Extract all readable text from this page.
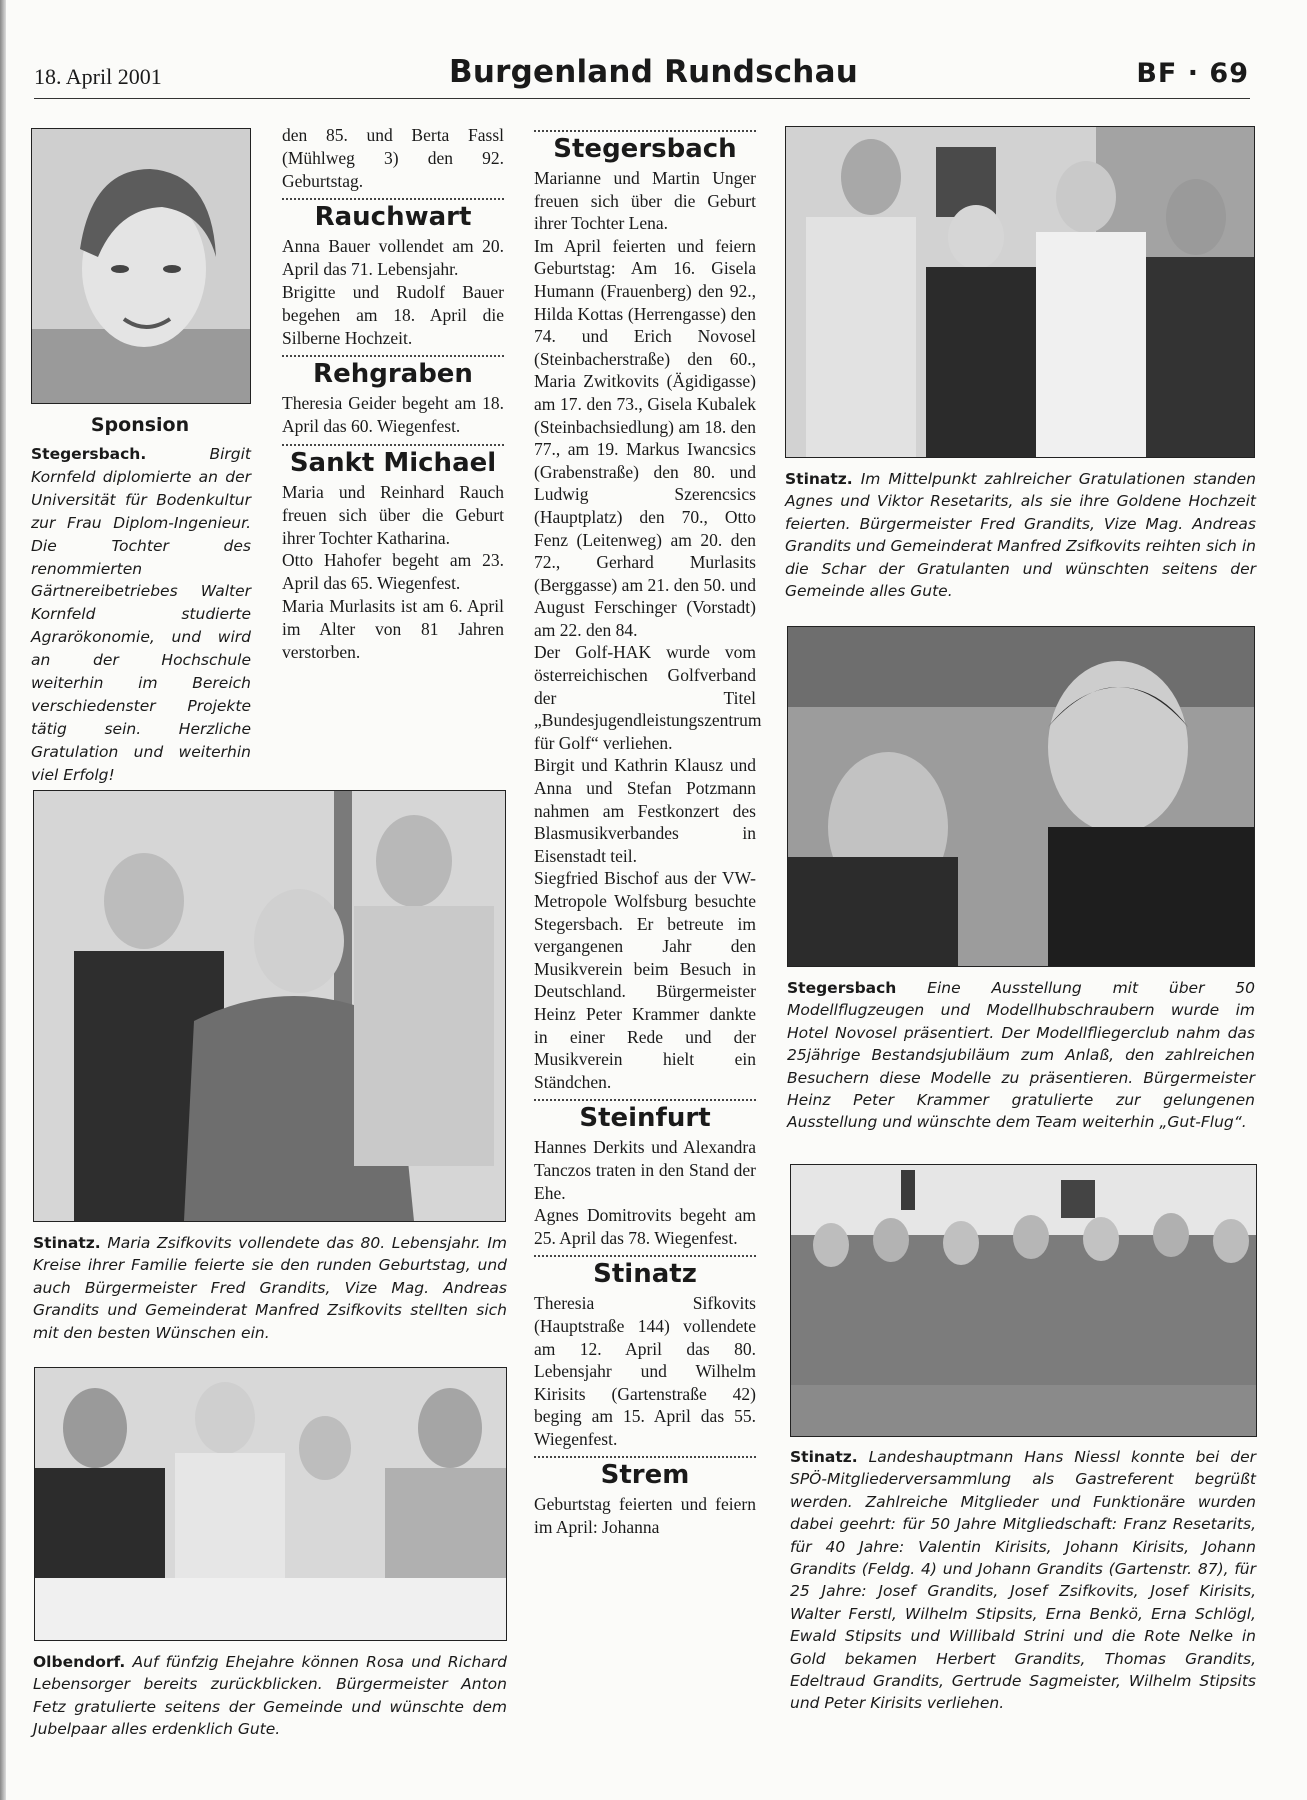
18. April 2001	Burgenland Rundschau	BF · 69
Sponsion
Stegersbach.	Birgit Kornfeld diplomierte an der Universität für Bodenkultur zur Frau Diplom-Ingenieur. Die Tochter des renommierten Gärtnereibetriebes Walter Kornfeld studierte Agrarökonomie, und wird an der Hochschule weiterhin im Bereich verschiedenster Projekte tätig sein. Herzliche Gratulation und weiterhin viel Erfolg!
Stinatz. Maria Zsifkovits vollendete das 80. Lebensjahr. Im Kreise ihrer Familie feierte sie den runden Geburtstag, und auch Bürgermeister Fred Grandits, Vize Mag. Andreas Grandits und Gemeinderat Manfred Zsifkovits stellten sich mit den besten Wünschen ein.
Olbendorf. Auf fünfzig Ehejahre können Rosa und Richard Lebensorger bereits zurückblicken. Bürgermeister Anton Fetz gratulierte seitens der Gemeinde und wünschte dem Jubelpaar alles erdenklich Gute.

den 85. und Berta Fassl (Mühlweg 3) den 92. Geburtstag.

Rauchwart

Anna Bauer vollendet am 20. April das 71. Lebensjahr.

Brigitte und Rudolf Bauer begehen am 18. April die Silberne Hochzeit.

Rehgraben

Theresia Geider begeht am 18. April das 60. Wiegenfest.

Sankt Michael

Maria und Reinhard Rauch freuen sich über die Geburt ihrer Tochter Katharina.

Otto Hahofer begeht am 23. April das 65. Wiegenfest.

Maria Murlasits ist am 6. April im Alter von 81 Jahren verstorben.

Stegersbach

Marianne und Martin Unger freuen sich über die Geburt ihrer Tochter Lena.

Im April feierten und feiern Geburtstag: Am 16. Gisela Humann (Frauenberg) den 92., Hilda Kottas (Herrengasse) den 74. und Erich Novosel (Steinbacherstraße) den 60., Maria Zwitkovits (Ägidigasse) am 17. den 73., Gisela Kubalek (Steinbachsiedlung) am 18. den 77., am 19. Markus Iwancsics (Grabenstraße) den 80. und Ludwig Szerencsics (Hauptplatz) den 70., Otto Fenz (Leitenweg) am 20. den 72., Gerhard Murlasits (Berggasse) am 21. den 50. und August Ferschinger (Vorstadt) am 22. den 84.

Der Golf-HAK wurde vom österreichischen Golfverband der Titel „Bundesjugendleistungszentrum für Golf“ verliehen.

Birgit und Kathrin Klausz und Anna und Stefan Potzmann nahmen am Festkonzert des Blasmusikverbandes in Eisenstadt teil.

Siegfried Bischof aus der VW-Metropole Wolfsburg besuchte Stegersbach. Er betreute im vergangenen Jahr den Musikverein beim Besuch in Deutschland. Bürgermeister Heinz Peter Krammer dankte in einer Rede und der Musikverein hielt ein Ständchen.

Steinfurt

Hannes Derkits und Alexandra Tanczos traten in den Stand der Ehe.

Agnes Domitrovits begeht am 25. April das 78. Wiegenfest.

Stinatz

Theresia Sifkovits (Hauptstraße 144) vollendete am 12. April das 80. Lebensjahr und Wilhelm Kirisits (Gartenstraße 42) beging am 15. April das 55. Wiegenfest.

Strem

Geburtstag feierten und feiern im April: Johanna

Stinatz. Im Mittelpunkt zahlreicher Gratulationen standen Agnes und Viktor Resetarits, als sie ihre Goldene Hochzeit feierten. Bürgermeister Fred Grandits, Vize Mag. Andreas Grandits und Gemeinderat Manfred Zsifkovits reihten sich in die Schar der Gratulanten und wünschten seitens der Gemeinde alles Gute.
Stegersbach Eine Ausstellung mit über 50 Modellflugzeugen und Modellhubschraubern wurde im Hotel Novosel präsentiert. Der Modellfliegerclub nahm das 25jährige Bestandsjubiläum zum Anlaß, den zahlreichen Besuchern diese Modelle zu präsentieren. Bürgermeister Heinz Peter Krammer gratulierte zur gelungenen Ausstellung und wünschte dem Team weiterhin „Gut-Flug“.
Stinatz. Landeshauptmann Hans Niessl konnte bei der SPÖ-Mitgliederversammlung als Gastreferent begrüßt werden. Zahlreiche Mitglieder und Funktionäre wurden dabei geehrt: für 50 Jahre Mitgliedschaft: Franz Resetarits, für 40 Jahre: Valentin Kirisits, Johann Kirisits, Johann Grandits (Feldg. 4) und Johann Grandits (Gartenstr. 87), für 25 Jahre: Josef Grandits, Josef Zsifkovits, Josef Kirisits, Walter Ferstl, Wilhelm Stipsits, Erna Benkö, Erna Schlögl, Ewald Stipsits und Willibald Strini und die Rote Nelke in Gold bekamen Herbert Grandits, Thomas Grandits, Edeltraud Grandits, Gertrude Sagmeister, Wilhelm Stipsits und Peter Kirisits verliehen.
